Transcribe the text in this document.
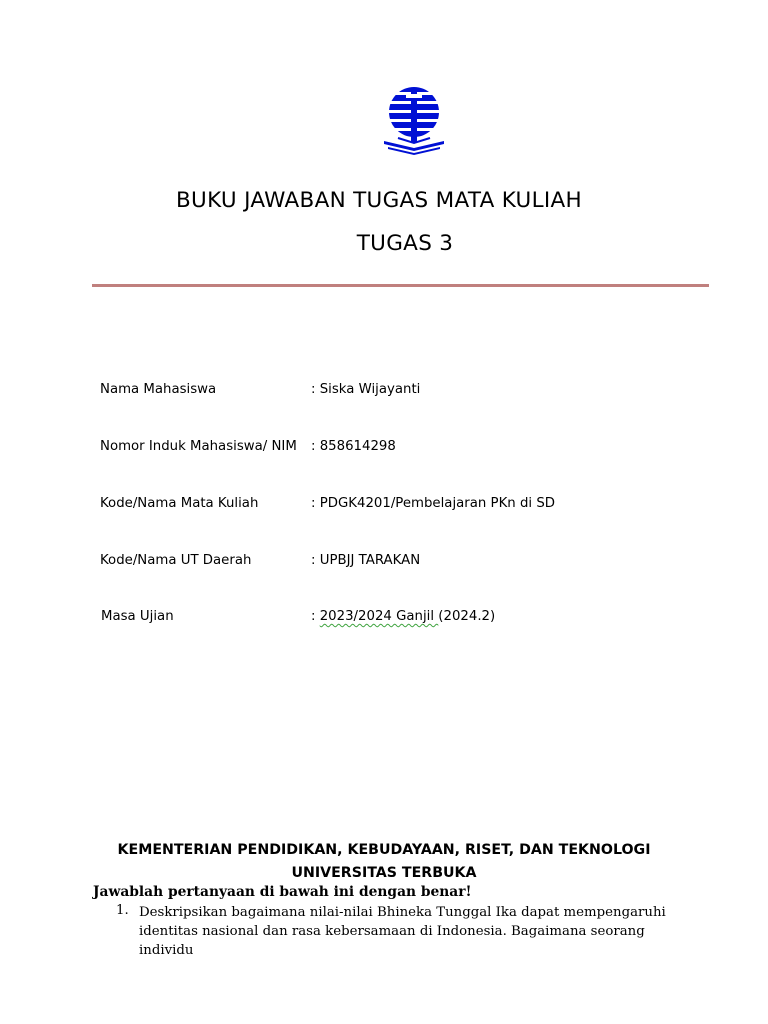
BUKU JAWABAN TUGAS MATA KULIAH
TUGAS 3
Nama Mahasiswa	: Siska Wijayanti
Nomor Induk Mahasiswa/ NIM : 858614298
Kode/Nama Mata Kuliah	: PDGK4201/Pembelajaran PKn di SD
Kode/Nama UT Daerah	: UPBJJ TARAKAN
Masa Ujian	: 2023/2024 Ganjil (2024.2)
KEMENTERIAN PENDIDIKAN, KEBUDAYAAN, RISET, DAN TEKNOLOGI
UNIVERSITAS TERBUKA
Jawablah pertanyaan di bawah ini dengan benar!
1. Deskripsikan bagaimana nilai-nilai Bhineka Tunggal Ika dapat mempengaruhi identitas nasional dan rasa kebersamaan di Indonesia. Bagaimana seorang individu
